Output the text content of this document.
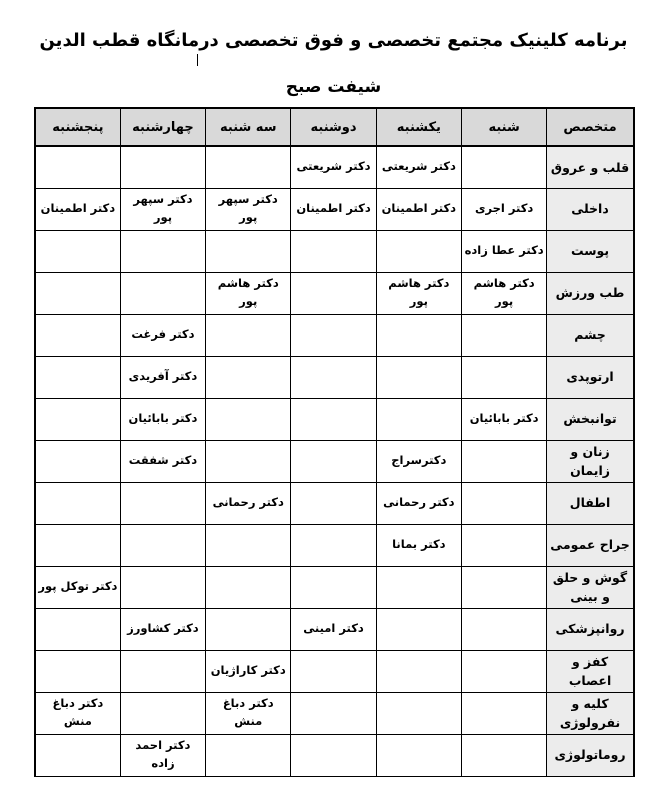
برنامه کلینیک مجتمع تخصصی و فوق تخصصی درمانگاه قطب الدین
شیفت صبح
متخصص	شنبه	یکشنبه	دوشنبه	سه شنبه	چهارشنبه	پنجشنبه
قلب و عروق		دکتر شریعتی	دکتر شریعتی			
داخلی	دکتر اجری	دکتر اطمینان	دکتر اطمینان	دکتر سپهر پور	دکتر سپهر پور	دکتر اطمینان
پوست	دکتر عطا زاده					
طب ورزش	دکتر هاشم پور	دکتر هاشم پور		دکتر هاشم پور		
چشم					دکتر فرغت	
ارتوپدی					دکتر آفریدی	
توانبخش	دکتر بابائیان				دکتر بابائیان	
زنان و زایمان		دکترسراج			دکتر شفقت	
اطفال		دکتر رحمانی		دکتر رحمانی		
جراح عمومی		دکتر بمانا				
گوش و حلق و بینی						دکتر توکل پور
روانپزشکی			دکتر امینی		دکتر کشاورز	
کفز و اعصاب				دکتر کاراژیان		
کلیه و نفرولوژی				دکتر دباغ منش		دکتر دباغ منش
روماتولوژی					دکتر احمد زاده	
